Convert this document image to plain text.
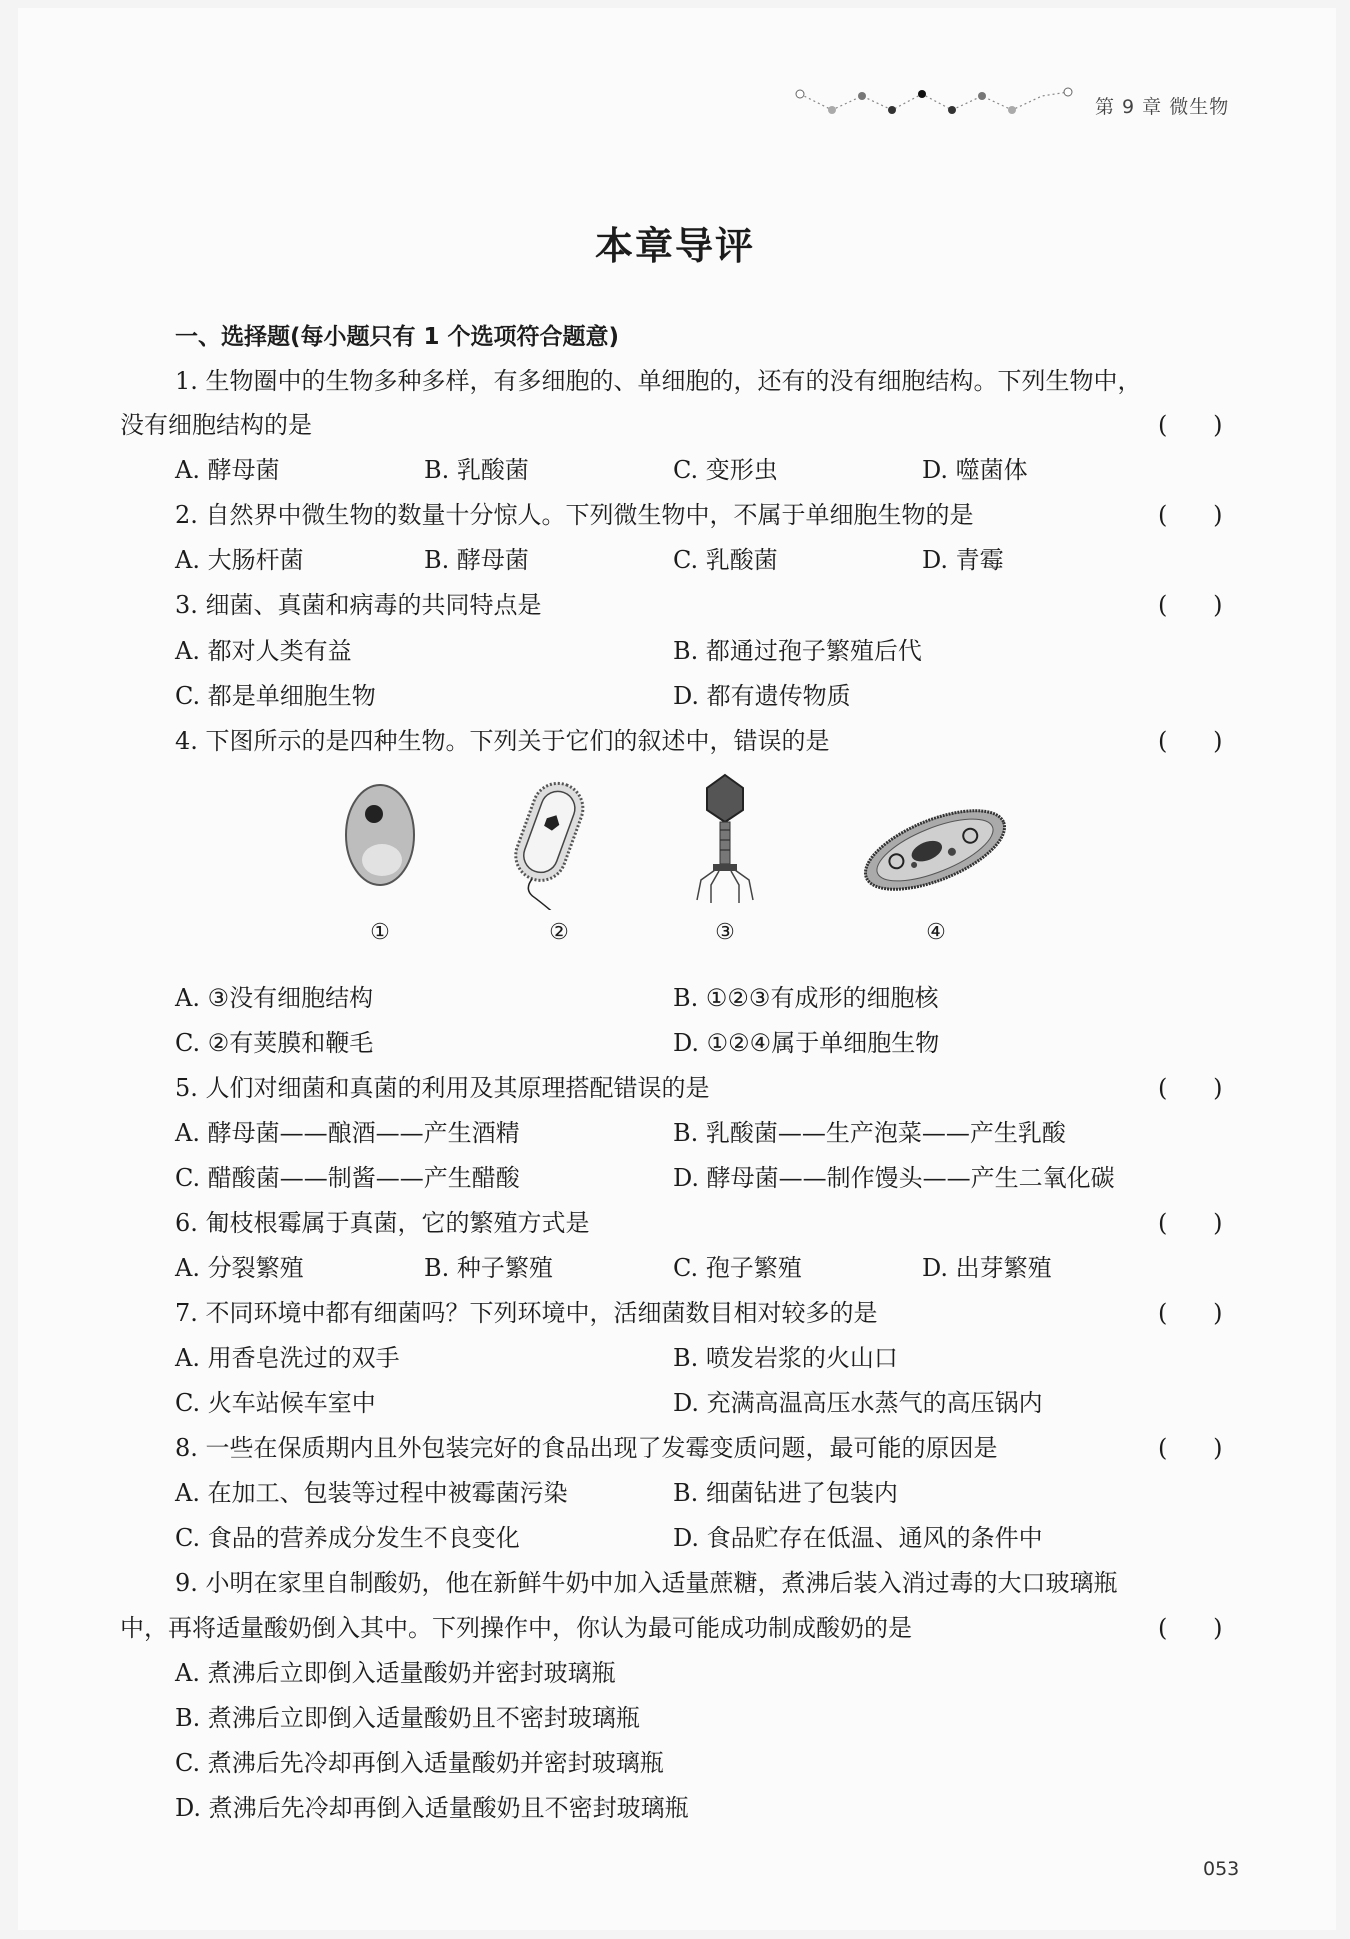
第 9 章 微生物
本章导评
一、选择题(每小题只有 1 个选项符合题意)
1. 生物圈中的生物多种多样，有多细胞的、单细胞的，还有的没有细胞结构。下列生物中，
没有细胞结构的是	(      )
A. 酵母菌	B. 乳酸菌	C. 变形虫	D. 噬菌体
2. 自然界中微生物的数量十分惊人。下列微生物中，不属于单细胞生物的是	(      )
A. 大肠杆菌	B. 酵母菌	C. 乳酸菌	D. 青霉
3. 细菌、真菌和病毒的共同特点是	(      )
A. 都对人类有益	B. 都通过孢子繁殖后代
C. 都是单细胞生物	D. 都有遗传物质
4. 下图所示的是四种生物。下列关于它们的叙述中，错误的是	(      )
①	②	③	④
A. ③没有细胞结构	B. ①②③有成形的细胞核
C. ②有荚膜和鞭毛	D. ①②④属于单细胞生物
5. 人们对细菌和真菌的利用及其原理搭配错误的是	(      )
A. 酵母菌——酿酒——产生酒精	B. 乳酸菌——生产泡菜——产生乳酸
C. 醋酸菌——制酱——产生醋酸	D. 酵母菌——制作馒头——产生二氧化碳
6. 匍枝根霉属于真菌，它的繁殖方式是	(      )
A. 分裂繁殖	B. 种子繁殖	C. 孢子繁殖	D. 出芽繁殖
7. 不同环境中都有细菌吗？下列环境中，活细菌数目相对较多的是	(      )
A. 用香皂洗过的双手	B. 喷发岩浆的火山口
C. 火车站候车室中	D. 充满高温高压水蒸气的高压锅内
8. 一些在保质期内且外包装完好的食品出现了发霉变质问题，最可能的原因是	(      )
A. 在加工、包装等过程中被霉菌污染	B. 细菌钻进了包装内
C. 食品的营养成分发生不良变化	D. 食品贮存在低温、通风的条件中
9. 小明在家里自制酸奶，他在新鲜牛奶中加入适量蔗糖，煮沸后装入消过毒的大口玻璃瓶
中，再将适量酸奶倒入其中。下列操作中，你认为最可能成功制成酸奶的是	(      )
A. 煮沸后立即倒入适量酸奶并密封玻璃瓶
B. 煮沸后立即倒入适量酸奶且不密封玻璃瓶
C. 煮沸后先冷却再倒入适量酸奶并密封玻璃瓶
D. 煮沸后先冷却再倒入适量酸奶且不密封玻璃瓶
053
